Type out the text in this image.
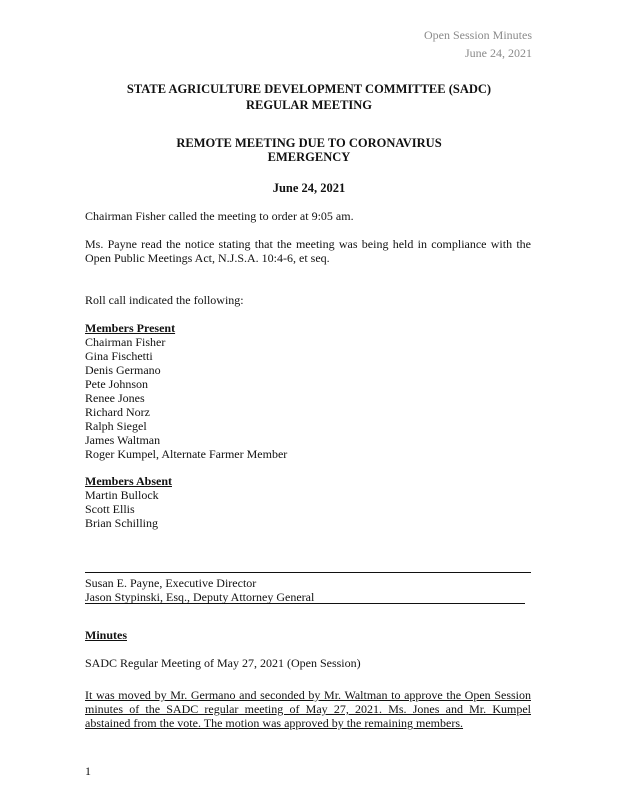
Open Session Minutes
June 24, 2021
STATE AGRICULTURE DEVELOPMENT COMMITTEE (SADC)
REGULAR MEETING
REMOTE MEETING DUE TO CORONAVIRUS
EMERGENCY
June 24, 2021
Chairman Fisher called the meeting to order at 9:05 am.
Ms. Payne read the notice stating that the meeting was being held in compliance with the Open Public Meetings Act, N.J.S.A. 10:4-6, et seq.
Roll call indicated the following:
Members Present
Chairman Fisher
Gina Fischetti
Denis Germano
Pete Johnson
Renee Jones
Richard Norz
Ralph Siegel
James Waltman
Roger Kumpel, Alternate Farmer Member
Members Absent
Martin Bullock
Scott Ellis
Brian Schilling
Susan E. Payne, Executive Director
Jason Stypinski, Esq., Deputy Attorney General
Minutes
SADC Regular Meeting of May 27, 2021 (Open Session)
It was moved by Mr. Germano and seconded by Mr. Waltman to approve the Open Session minutes of the SADC regular meeting of May 27, 2021. Ms. Jones and Mr. Kumpel abstained from the vote. The motion was approved by the remaining members.
1
